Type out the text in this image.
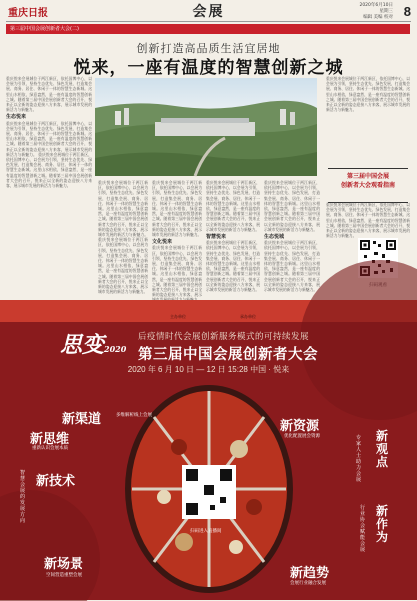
重庆日报	会展	2020年6月10日
星期三
编辑 美编 校对 8
第三届中国会展创新者大会(二)
创新打造高品质生活宜居地
悦来，一座有温度的智慧创新之城
重庆悦来会展城位于两江新区，依托国博中心，以会展为引领，坚持生态优先、绿色发展，打造集会展、商务、居住、休闲于一体的智慧生态新城。这里山水相依，绿意盎然，是一座有温度的智慧创新之城。随着第三届中国会展创新者大会的召开，悦来正以全新的姿态迎接八方来客，展示城市发展的新活力与新魅力。
生态悦来
重庆悦来会展城位于两江新区，依托国博中心，以会展为引领，坚持生态优先、绿色发展，打造集会展、商务、居住、休闲于一体的智慧生态新城。这里山水相依，绿意盎然，是一座有温度的智慧创新之城。随着第三届中国会展创新者大会的召开，悦来正以全新的姿态迎接八方来客，展示城市发展的新活力与新魅力。 重庆悦来会展城位于两江新区，依托国博中心，以会展为引领，坚持生态优先、绿色发展，打造集会展、商务、居住、休闲于一体的智慧生态新城。这里山水相依，绿意盎然，是一座有温度的智慧创新之城。随着第三届中国会展创新者大会的召开，悦来正以全新的姿态迎接八方来客，展示城市发展的新活力与新魅力。
重庆悦来会展城位于两江新区，依托国博中心，以会展为引领，坚持生态优先、绿色发展，打造集会展、商务、居住、休闲于一体的智慧生态新城。这里山水相依，绿意盎然，是一座有温度的智慧创新之城。随着第三届中国会展创新者大会的召开，悦来正以全新的姿态迎接八方来客，展示城市发展的新活力与新魅力。 重庆悦来会展城位于两江新区，依托国博中心，以会展为引领，坚持生态优先、绿色发展，打造集会展、商务、居住、休闲于一体的智慧生态新城。这里山水相依，绿意盎然，是一座有温度的智慧创新之城。随着第三届中国会展创新者大会的召开，悦来正以全新的姿态迎接八方来客，展示城市发展的新活力与新魅力。
重庆悦来会展城位于两江新区，依托国博中心，以会展为引领，坚持生态优先、绿色发展，打造集会展、商务、居住、休闲于一体的智慧生态新城。这里山水相依，绿意盎然，是一座有温度的智慧创新之城。随着第三届中国会展创新者大会的召开，悦来正以全新的姿态迎接八方来客，展示城市发展的新活力与新魅力。
文化悦来
重庆悦来会展城位于两江新区，依托国博中心，以会展为引领，坚持生态优先、绿色发展，打造集会展、商务、居住、休闲于一体的智慧生态新城。这里山水相依，绿意盎然，是一座有温度的智慧创新之城。随着第三届中国会展创新者大会的召开，悦来正以全新的姿态迎接八方来客，展示
重庆悦来会展城位于两江新区，依托国博中心，以会展为引领，坚持生态优先、绿色发展，打造集会展、商务、居住、休闲于一体的智慧生态新城。这里山水相依，绿意盎然，是一座有温度的智慧创新之城。随着第三届中国会展创新者大会的召开，悦来正以全新的姿态迎接八方来客，展示城市发展的新活力与新魅力。
智慧悦来
重庆悦来会展城位于两江新区，依托国博中心，以会展为引领，坚持生态优先、绿色发展，打造集会展、商务、居住、休闲于一体的智慧生态新城。这里山水相依，绿意盎然，是一座有温度的智慧创新之城。随着第三届中国会展创新者大会的召开，悦来正以全新的姿态迎接八方来客，展示城市发展的新活力与新魅力。
重庆悦来会展城位于两江新区，依托国博中心，以会展为引领，坚持生态优先、绿色发展，打造集会展、商务、居住、休闲于一体的智慧生态新城。这里山水相依，绿意盎然，是一座有温度的智慧创新之城。随着第三届中国会展创新者大会的召开，悦来正以全新的姿态迎接八方来客，展示城市发展的新活力与新魅力。
生态悦城
重庆悦来会展城位于两江新区，依托国博中心，以会展为引领，坚持生态优先、绿色发展，打造集会展、商务、居住、休闲于一体的智慧生态新城。这里山水相依，绿意盎然，是一座有温度的智慧创新之城。随着第三届中国会展创新者大会的召开，悦来正以全新的姿态迎接八方来客，展示城市发展的新活力与新魅力。
重庆悦来会展城位于两江新区，依托国博中心，以会展为引领，坚持生态优先、绿色发展，打造集会展、商务、居住、休闲于一体的智慧生态新城。这里山水相依，绿意盎然，是一座有温度的智慧创新之城。随着第三届中国会展创新者大会的召开，悦来正以全新的姿态迎接八方来客，展示城市发展的新活力与新魅力。
第三届中国会展
创新者大会观看指南
重庆悦来会展城位于两江新区，依托国博中心，以会展为引领，坚持生态优先、绿色发展，打造集会展、商务、居住、休闲于一体的智慧生态新城。这里山水相依，绿意盎然，是一座有温度的智慧创新之城。随着第三届中国会展创新者大会的召开，悦来正以全新的姿态迎接八方来客，展示城市发展的新活力与新魅力。
主办单位	承办单位
思变2020
后疫情时代会展创新服务模式的可持续发展
第三届中国会展创新者大会
2020 年 6 月 10 日 — 12 日 15:28 中国 · 悦来
扫码进入直播间
新渠道	多维解析线上会展
新资源
优化配置展会资源
新思维
重新认识会展本质
新观点
专家人士助力会展
新技术
智慧会展的发展方向
新作为
行业协会赋能会展
新场景
空间营造重塑会展	新趋势
会展行业融合发展
